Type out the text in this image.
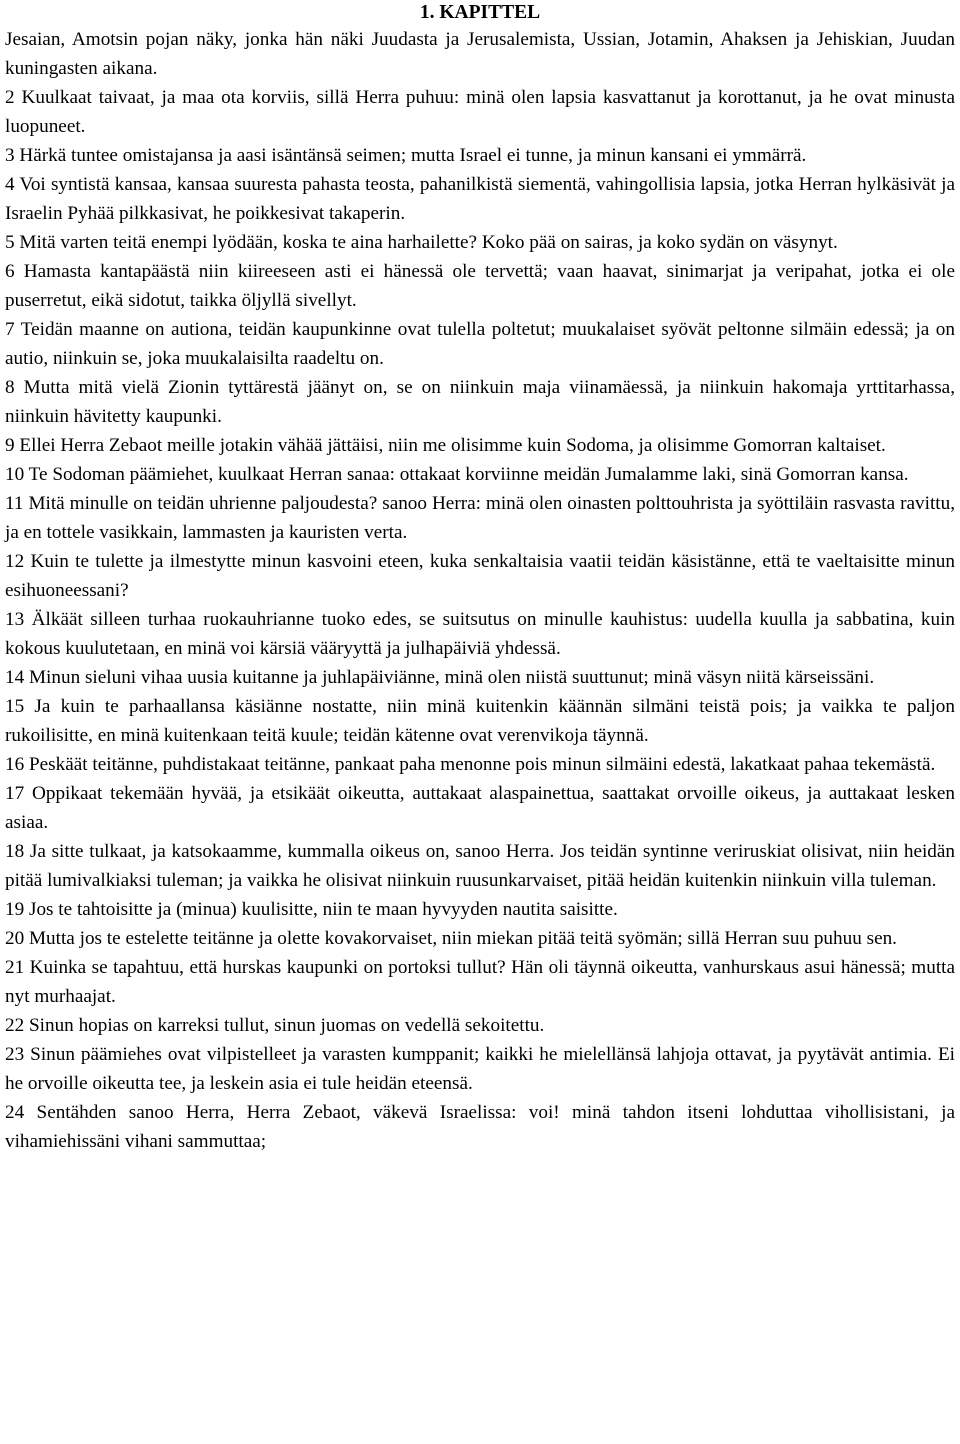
1. KAPITTEL

Jesaian, Amotsin pojan näky, jonka hän näki Juudasta ja Jerusalemista, Ussian, Jotamin, Ahaksen ja Jehiskian, Juudan kuningasten aikana.

2 Kuulkaat taivaat, ja maa ota korviis, sillä Herra puhuu: minä olen lapsia kasvattanut ja korottanut, ja he ovat minusta luopuneet.

3 Härkä tuntee omistajansa ja aasi isäntänsä seimen; mutta Israel ei tunne, ja minun kansani ei ymmärrä.

4 Voi syntistä kansaa, kansaa suuresta pahasta teosta, pahanilkistä siementä, vahingollisia lapsia, jotka Herran hylkäsivät ja Israelin Pyhää pilkkasivat, he poikkesivat takaperin.

5 Mitä varten teitä enempi lyödään, koska te aina harhailette? Koko pää on sairas, ja koko sydän on väsynyt.

6 Hamasta kantapäästä niin kiireeseen asti ei hänessä ole tervettä; vaan haavat, sinimarjat ja veripahat, jotka ei ole puserretut, eikä sidotut, taikka öljyllä sivellyt.

7 Teidän maanne on autiona, teidän kaupunkinne ovat tulella poltetut; muukalaiset syövät peltonne silmäin edessä; ja on autio, niinkuin se, joka muukalaisilta raadeltu on.

8 Mutta mitä vielä Zionin tyttärestä jäänyt on, se on niinkuin maja viinamäessä, ja niinkuin hakomaja yrttitarhassa, niinkuin hävitetty kaupunki.

9 Ellei Herra Zebaot meille jotakin vähää jättäisi, niin me olisimme kuin Sodoma, ja olisimme Gomorran kaltaiset.

10 Te Sodoman päämiehet, kuulkaat Herran sanaa: ottakaat korviinne meidän Jumalamme laki, sinä Gomorran kansa.

11 Mitä minulle on teidän uhrienne paljoudesta? sanoo Herra: minä olen oinasten polttouhrista ja syöttiläin rasvasta ravittu, ja en tottele vasikkain, lammasten ja kauristen verta.

12 Kuin te tulette ja ilmestytte minun kasvoini eteen, kuka senkaltaisia vaatii teidän käsistänne, että te vaeltaisitte minun esihuoneessani?

13 Älkäät silleen turhaa ruokauhrianne tuoko edes, se suitsutus on minulle kauhistus: uudella kuulla ja sabbatina, kuin kokous kuulutetaan, en minä voi kärsiä vääryyttä ja julhapäiviä yhdessä.

14 Minun sieluni vihaa uusia kuitanne ja juhlapäiviänne, minä olen niistä suuttunut; minä väsyn niitä kärseissäni.

15 Ja kuin te parhaallansa käsiänne nostatte, niin minä kuitenkin käännän silmäni teistä pois; ja vaikka te paljon rukoilisitte, en minä kuitenkaan teitä kuule; teidän kätenne ovat verenvikoja täynnä.

16 Peskäät teitänne, puhdistakaat teitänne, pankaat paha menonne pois minun silmäini edestä, lakatkaat pahaa tekemästä.

17 Oppikaat tekemään hyvää, ja etsikäät oikeutta, auttakaat alaspainettua, saattakat orvoille oikeus, ja auttakaat lesken asiaa.

18 Ja sitte tulkaat, ja katsokaamme, kummalla oikeus on, sanoo Herra. Jos teidän syntinne veriruskiat olisivat, niin heidän pitää lumivalkiaksi tuleman; ja vaikka he olisivat niinkuin ruusunkarvaiset, pitää heidän kuitenkin niinkuin villa tuleman.

19 Jos te tahtoisitte ja (minua) kuulisitte, niin te maan hyvyyden nautita saisitte.

20 Mutta jos te estelette teitänne ja olette kovakorvaiset, niin miekan pitää teitä syömän; sillä Herran suu puhuu sen.

21 Kuinka se tapahtuu, että hurskas kaupunki on portoksi tullut? Hän oli täynnä oikeutta, vanhurskaus asui hänessä; mutta nyt murhaajat.

22 Sinun hopias on karreksi tullut, sinun juomas on vedellä sekoitettu.

23 Sinun päämiehes ovat vilpistelleet ja varasten kumppanit; kaikki he mielellänsä lahjoja ottavat, ja pyytävät antimia. Ei he orvoille oikeutta tee, ja leskein asia ei tule heidän eteensä.

24 Sentähden sanoo Herra, Herra Zebaot, väkevä Israelissa: voi! minä tahdon itseni lohduttaa vihollisistani, ja vihamiehissäni vihani sammuttaa;
